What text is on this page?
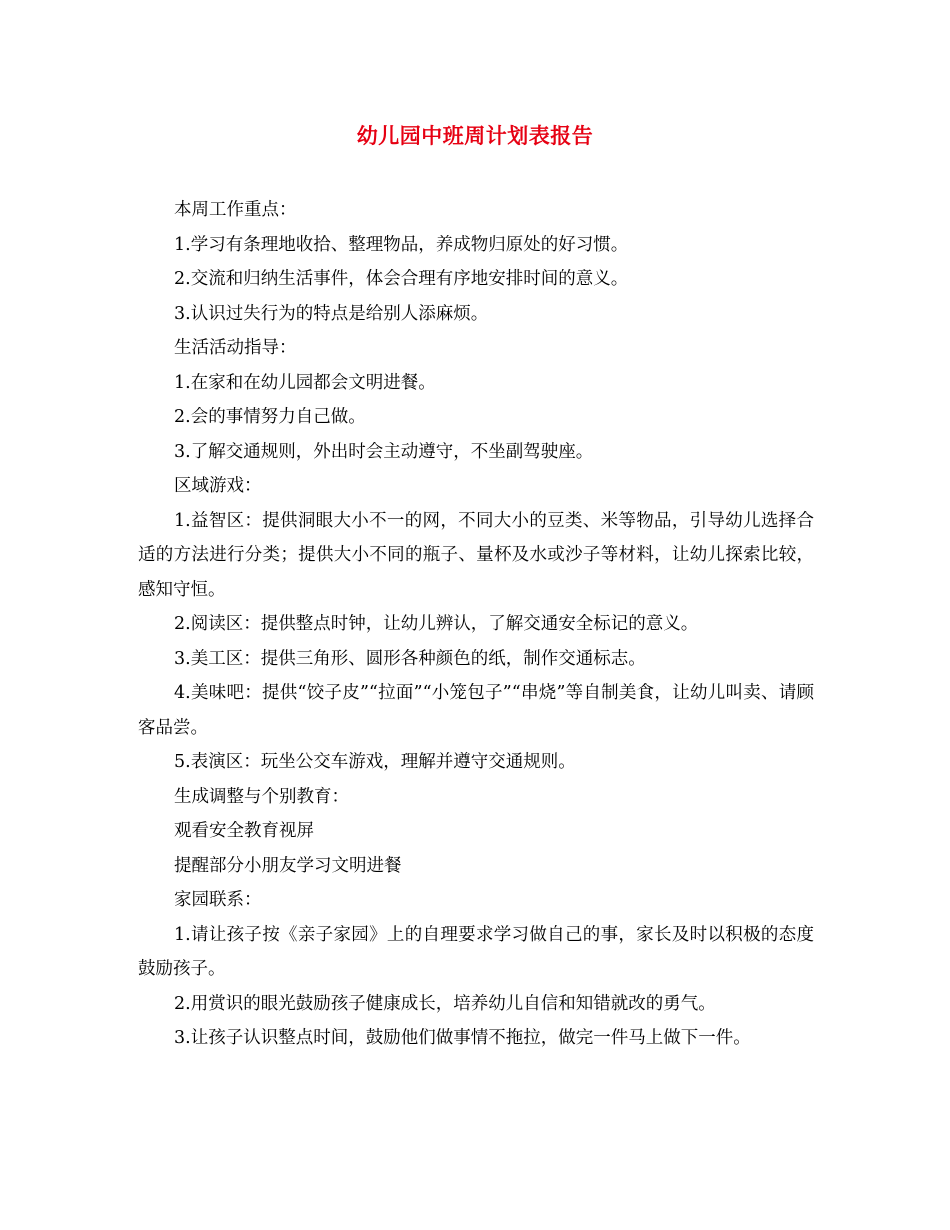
幼儿园中班周计划表报告

本周工作重点：

1.学习有条理地收拾、整理物品，养成物归原处的好习惯。

2.交流和归纳生活事件，体会合理有序地安排时间的意义。

3.认识过失行为的特点是给别人添麻烦。

生活活动指导：

1.在家和在幼儿园都会文明进餐。

2.会的事情努力自己做。

3.了解交通规则，外出时会主动遵守，不坐副驾驶座。

区域游戏：

1.益智区：提供洞眼大小不一的网，不同大小的豆类、米等物品，引导幼儿选择合适的方法进行分类；提供大小不同的瓶子、量杯及水或沙子等材料，让幼儿探索比较，感知守恒。

2.阅读区：提供整点时钟，让幼儿辨认，了解交通安全标记的意义。

3.美工区：提供三角形、圆形各种颜色的纸，制作交通标志。

4.美味吧：提供“饺子皮”“拉面”“小笼包子”“串烧”等自制美食，让幼儿叫卖、请顾客品尝。

5.表演区：玩坐公交车游戏，理解并遵守交通规则。

生成调整与个别教育：

观看安全教育视屏

提醒部分小朋友学习文明进餐

家园联系：

1.请让孩子按《亲子家园》上的自理要求学习做自己的事，家长及时以积极的态度鼓励孩子。

2.用赏识的眼光鼓励孩子健康成长，培养幼儿自信和知错就改的勇气。

3.让孩子认识整点时间，鼓励他们做事情不拖拉，做完一件马上做下一件。
